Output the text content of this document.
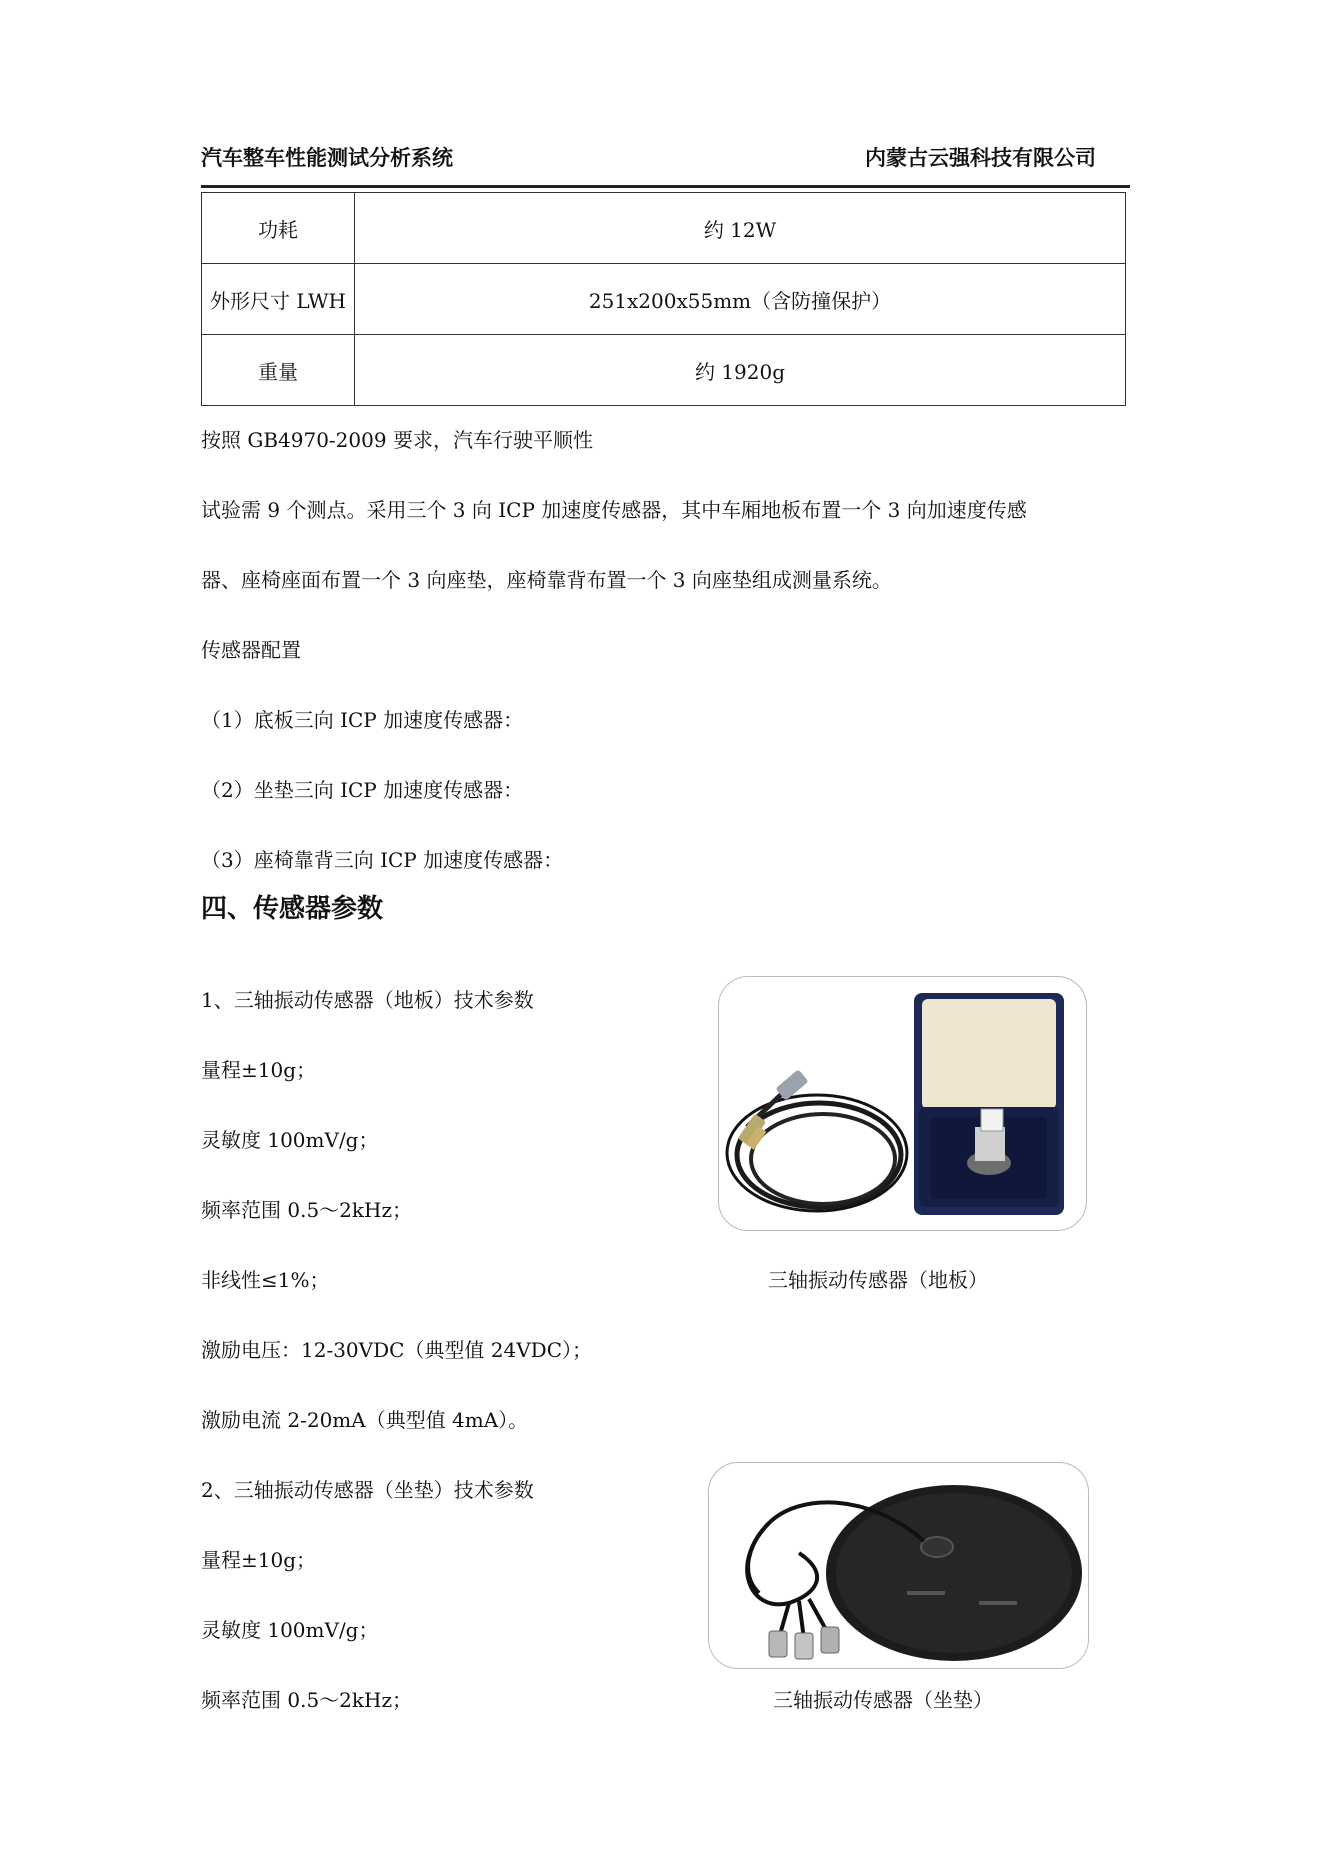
汽车整车性能测试分析系统	内蒙古云强科技有限公司
功耗	约 12W
外形尺寸 LWH	251x200x55mm（含防撞保护）
重量	约 1920g
按照 GB4970-2009 要求，汽车行驶平顺性
试验需 9 个测点。采用三个 3 向 ICP 加速度传感器，其中车厢地板布置一个 3 向加速度传感
器、座椅座面布置一个 3 向座垫，座椅靠背布置一个 3 向座垫组成测量系统。
传感器配置
（1）底板三向 ICP 加速度传感器：
（2）坐垫三向 ICP 加速度传感器：
（3）座椅靠背三向 ICP 加速度传感器：
四、传感器参数
1、三轴振动传感器（地板）技术参数
量程±10g；
灵敏度 100mV/g；
频率范围 0.5～2kHz；
非线性≤1%；
激励电压：12-30VDC（典型值 24VDC）；
激励电流 2-20mA（典型值 4mA）。
三轴振动传感器（地板）
2、三轴振动传感器（坐垫）技术参数
量程±10g；
灵敏度 100mV/g；
频率范围 0.5～2kHz；	三轴振动传感器（坐垫）
